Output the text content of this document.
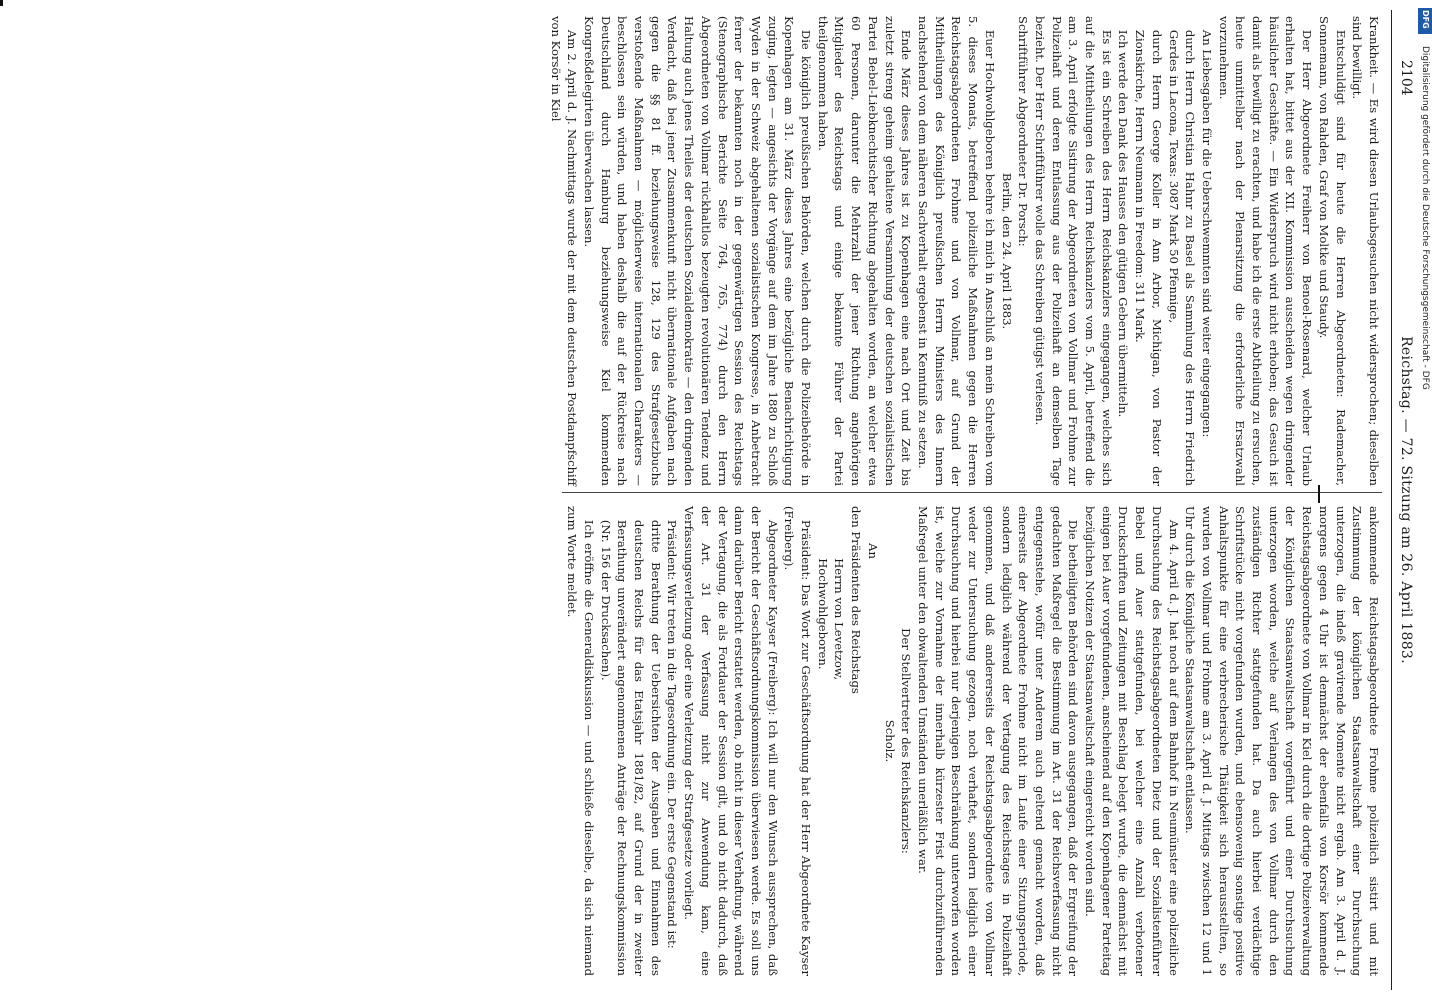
2104
Reichstag. — 72. Sitzung am 26. April 1883.

Krankheit. — Es wird diesen Urlaubsgesuchen nicht widersprochen; dieselben sind bewilligt.

Entschuldigt sind für heute die Herren Abgeordneten: Rademacher, Sonnemann, von Rahden, Graf von Moltke und Staudy.

Der Herr Abgeordnete Freiherr von Benoel-Rosenard, welcher Urlaub erhalten hat, bittet aus der XII. Kommission ausscheiden wegen dringender häuslicher Geschäfte. — Ein Widerspruch wird nicht erhoben; das Gesuch ist damit als bewilligt zu erachten, und habe ich die erste Abtheilung zu ersuchen, heute unmittelbar nach der Plenarsitzung die erforderliche Ersatzwahl vorzunehmen.

An Liebesgaben für die Ueberschwemmten sind weiter eingegangen:

durch Herrn Christian Hahnr zu Basel als Sammlung des Herrn Friedrich Gerdes in Lacona, Texas: 3087 Mark 50 Pfennige,

durch Herrn George Koller in Ann Arbor, Michigan, von Pastor der Zionskirche, Herrn Neumann in Freedom: 311 Mark.

Ich werde den Dank des Hauses den gütigen Gebern übermitteln.

Es ist ein Schreiben des Herrn Reichskanzlers eingegangen, welches sich auf die Mittheilungen des Herrn Reichskanzlers vom 5. April, betreffend die am 3. April erfolgte Sistirung der Abgeordneten von Vollmar und Frohme zur Polizeihaft und deren Entlassung aus der Polizeihaft an demselben Tage bezieht. Der Herr Schriftführer wolle das Schreiben gütigst verlesen.

Schriftführer Abgeordneter Dr. Porsch:

Berlin, den 24. April 1883.

Euer Hochwohlgeboren beehre ich mich in Anschluß an mein Schreiben vom 5. dieses Monats, betreffend polizeiliche Maßnahmen gegen die Herren Reichstagsabgeordneten Frohme und von Vollmar, auf Grund der Mittheilungen des Königlich preußischen Herrn Ministers des Innern nachstehend von dem näheren Sachverhalt ergebenst in Kenntniß zu setzen.

Ende März dieses Jahres ist zu Kopenhagen eine nach Ort und Zeit bis zuletzt streng geheim gehaltene Versammlung der deutschen sozialistischen Partei Bebel-Liebknechtischer Richtung abgehalten worden, an welcher etwa 60 Personen, darunter die Mehrzahl der jener Richtung angehörigen Mitglieder des Reichstags und einige bekannte Führer der Partei theilgenommen haben.

Die königlich preußischen Behörden, welchen durch die Polizeibehörde in Kopenhagen am 31. März dieses Jahres eine bezügliche Benachrichtigung zuging, legten — angesichts der Vorgänge auf dem im Jahre 1880 zu Schloß Wyden in der Schweiz abgehaltenen sozialistischen Kongresse, in Anbetracht ferner der bekannten noch in der gegenwärtigen Session des Reichstags (Stenographische Berichte Seite 764, 765, 774) durch den Herrn Abgeordneten von Vollmar rückhaltlos bezeugten revolutionären Tendenz und Haltung auch jenes Theiles der deutschen Sozialdemokratie — den dringenden Verdacht, daß bei jener Zusammenkunft nicht übernationale Aufgaben nach gegen die §§ 81 ff. beziehungsweise 128, 129 des Strafgesetzbuchs verstoßende Maßnahmen — möglicherweise internationalen Charakters — beschlossen sein würden, und haben deshalb die auf der Rückreise nach Deutschland durch Hamburg beziehungsweise Kiel kommenden Kongreßdelegirten überwachen lassen.

Am 2. April d. J. Nachmittags wurde der mit dem deutschen Postdampfschiff von Korsör in Kiel

ankommende Reichstagsabgeordnete Frohme polizeilich sistirt und mit Zustimmung der königlichen Staatsanwaltschaft einer Durchsuchung unterzogen, die indeß gravirende Momente nicht ergab. Am 3. April d. J. morgens gegen 4 Uhr ist demnächst der ebenfalls von Korsör kommende Reichstagsabgeordnete von Vollmar in Kiel durch die dortige Polizeiverwaltung der Königlichen Staatsanwaltschaft vorgeführt und einer Durchsuchung unterzogen worden, welche auf Verlangen des von Vollmar durch den zuständigen Richter stattgefunden hat. Da auch hierbei verdächtige Schriftstücke nicht vorgefunden wurden, und ebensowenig sonstige positive Anhaltspunkte für eine verbrecherische Thätigkeit sich herausstellten, so wurden von Vollmar und Frohme am 3. April d. J. Mittags zwischen 12 und 1 Uhr durch die Königliche Staatsanwaltschaft entlassen.

Am 4. April d. J. hat noch auf dem Bahnhof in Neumünster eine polizeiliche Durchsuchung des Reichstagsabgeordneten Dietz und der Sozialistenführer Bebel und Auer stattgefunden, bei welcher eine Anzahl verbotener Druckschriften und Zeitungen mit Beschlag belegt wurde, die demnächst mit einigen bei Auer vorgefundenen, anscheinend auf den Kopenhagener Parteitag bezüglichen Notizen der Staatsanwaltschaft eingereicht worden sind.

Die betheiligten Behörden sind davon ausgegangen, daß der Ergreifung der gedachten Maßregel die Bestimmung im Art. 31 der Reichsverfassung nicht entgegenstehe, wofür unter Anderem auch geltend gemacht worden, daß einerseits der Abgeordnete Frohme nicht im Laufe einer Sitzungsperiode, sondern lediglich während der Vertagung des Reichstages in Polizeihaft genommen, und daß andererseits der Reichstagsabgeordnete von Vollmar weder zur Untersuchung gezogen, noch verhaftet, sondern lediglich einer Durchsuchung und hierbei nur derjenigen Beschränkung unterworfen worden ist, welche zur Vornahme der innerhalb kürzester Frist durchzuführenden Maßregel unter den obwaltenden Umständen unerläßlich war.

Der Stellvertreter des Reichskanzlers:

Scholz.

An

den Präsidenten des Reichstags

Herrn von Levetzow,

Hochwohlgeboren.

Präsident: Das Wort zur Geschäftsordnung hat der Herr Abgeordnete Kayser (Freiberg).

Abgeordneter Kayser (Freiberg): Ich will nur den Wunsch aussprechen, daß der Bericht der Geschäftsordnungskommission überwiesen werde. Es soll uns dann darüber Bericht erstattet werden, ob nicht in dieser Verhaftung, während der Vertagung, die als Fortdauer der Session gilt, und ob nicht dadurch, daß der Art. 31 der Verfassung nicht zur Anwendung kam, eine Verfassungsverletzung oder eine Verletzung der Strafgesetze vorliegt.

Präsident: Wir treten in die Tagesordnung ein. Der erste Gegenstand ist:

dritte Berathung der Uebersichten der Ausgaben und Einnahmen des deutschen Reichs für das Etatsjahr 1881/82, auf Grund der in zweiter Berathung unverändert angenommenen Anträge der Rechnungskommission (Nr. 156 der Drucksachen).

Ich eröffne die Generaldiskussion — und schließe dieselbe, da sich niemand zum Worte meldet.

DFG
Digitalisierung gefördert durch die Deutsche Forschungsgemeinschaft - DFG
